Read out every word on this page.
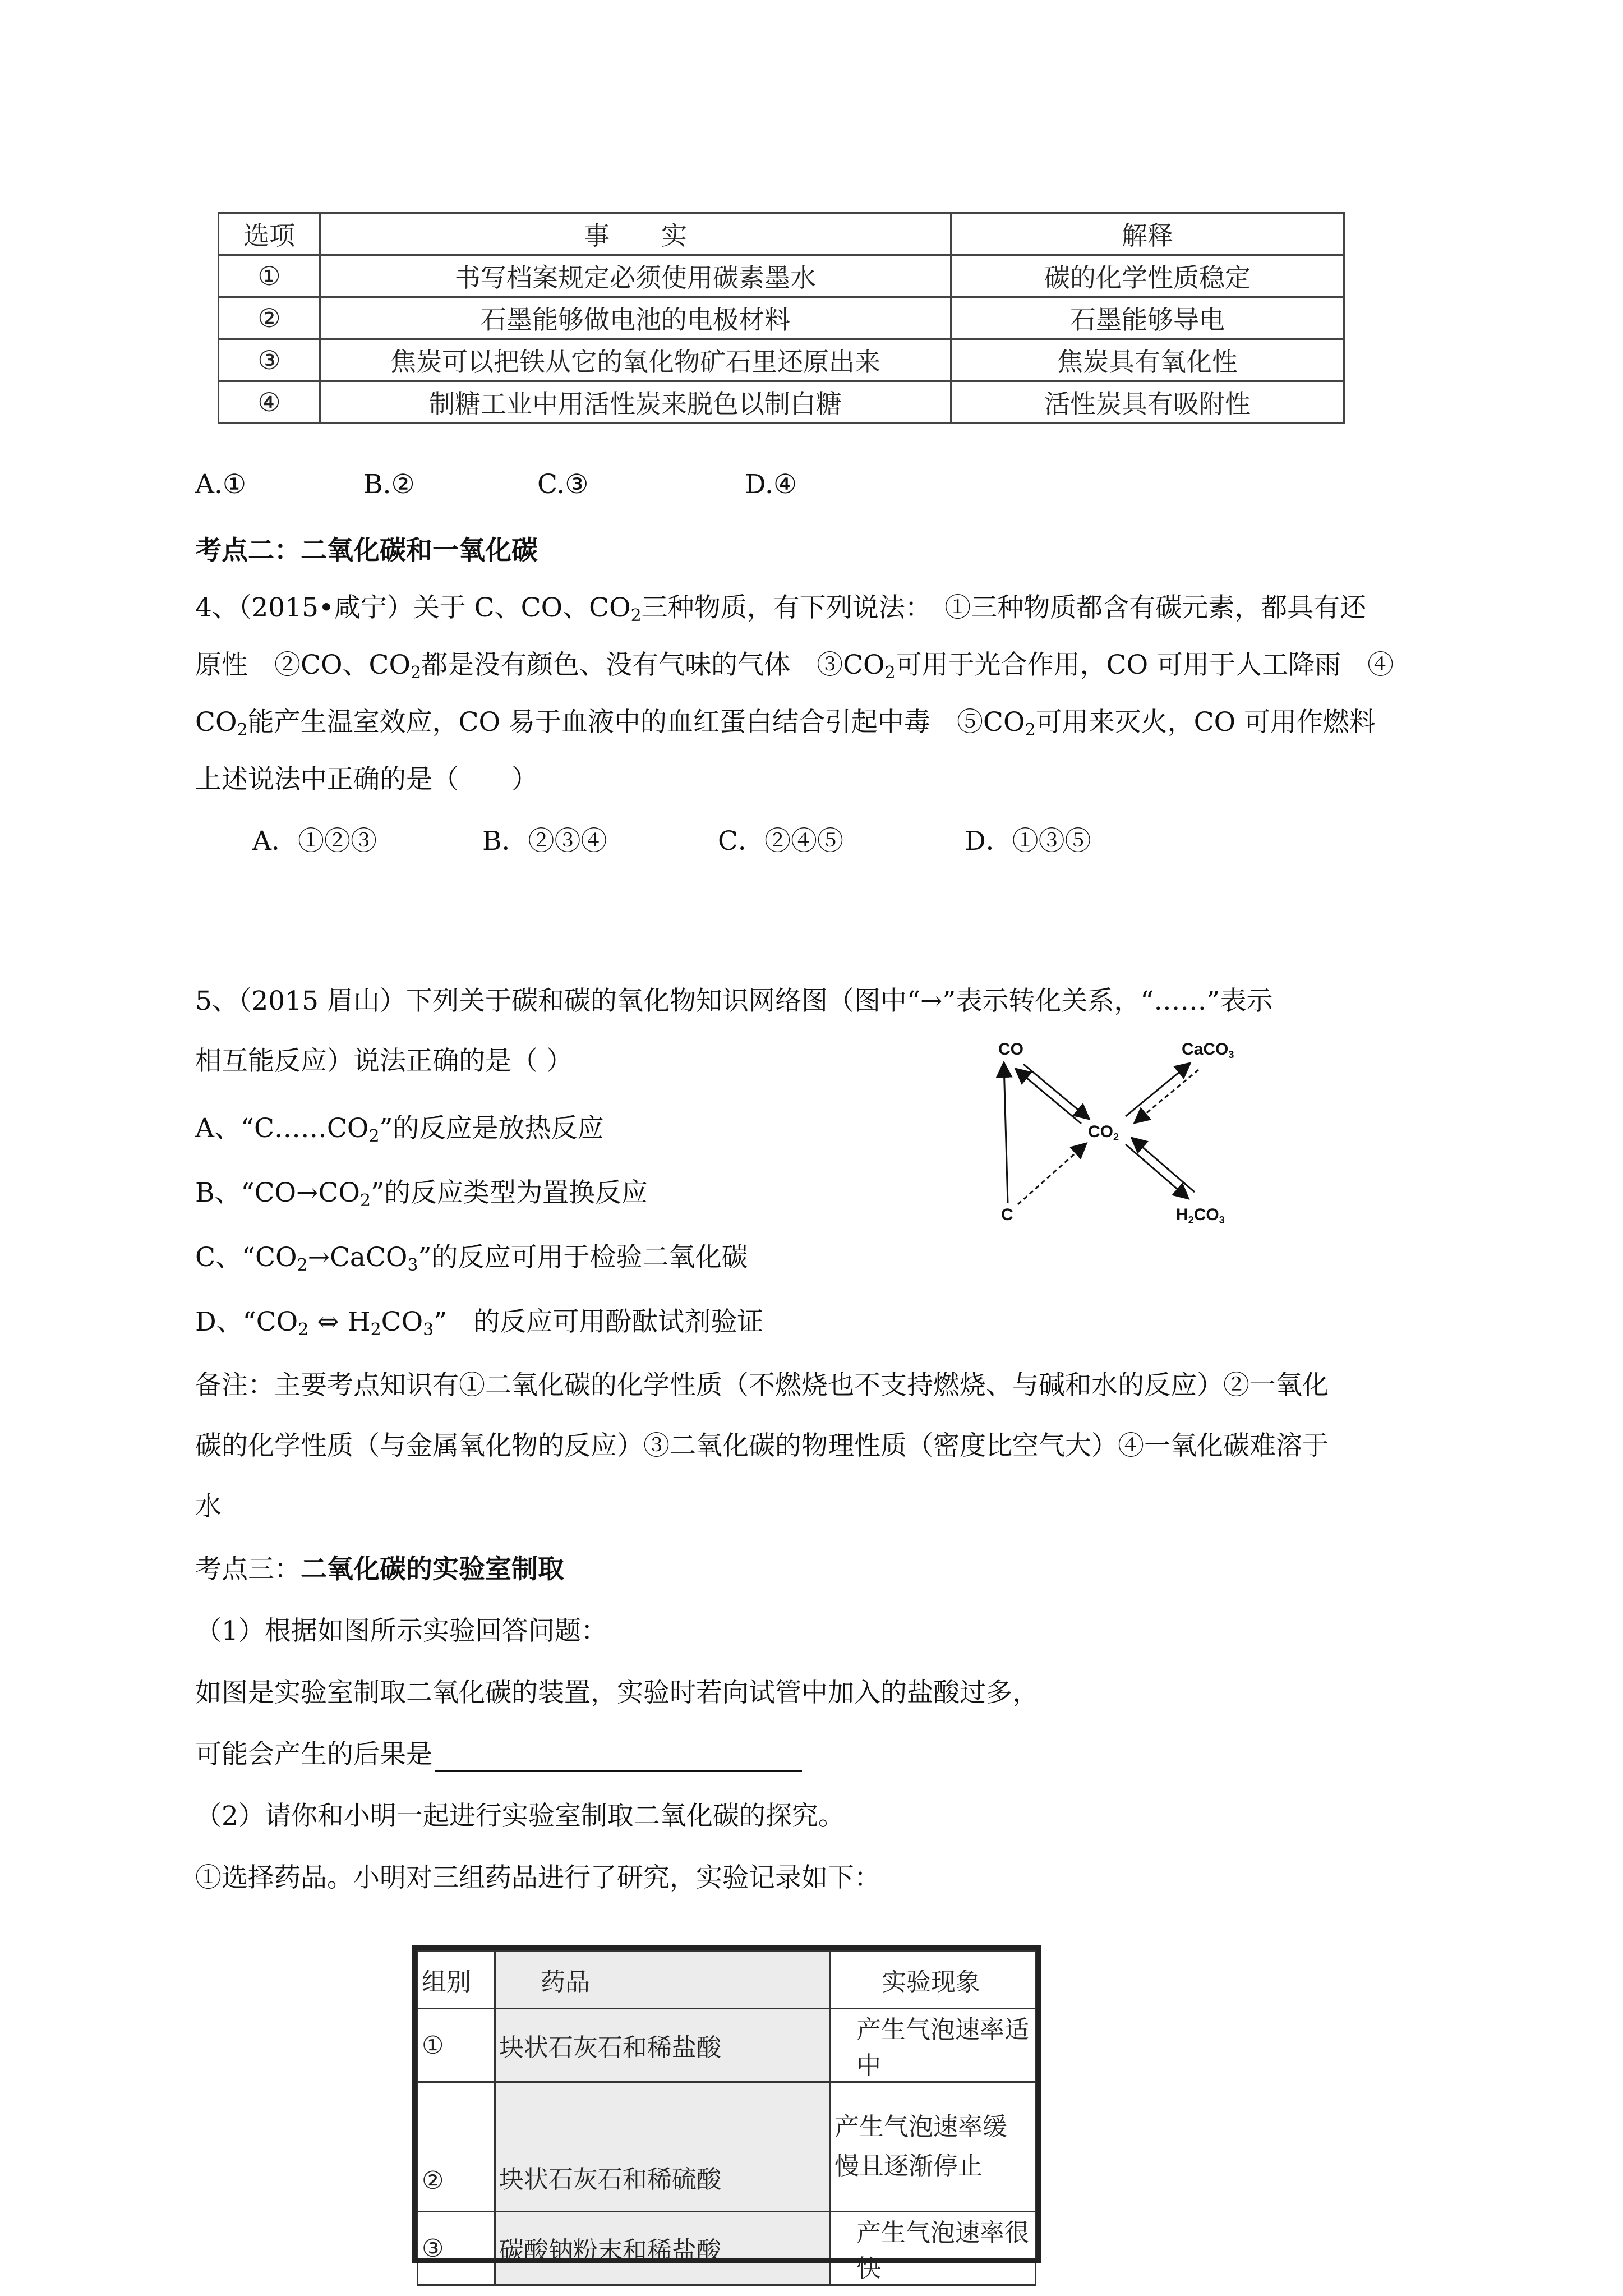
选项	事　　实	解释
①	书写档案规定必须使用碳素墨水	碳的化学性质稳定
②	石墨能够做电池的电极材料	石墨能够导电
③	焦炭可以把铁从它的氧化物矿石里还原出来	焦炭具有氧化性
④	制糖工业中用活性炭来脱色以制白糖	活性炭具有吸附性
A.①	B.②	C.③	D.④
考点二：二氧化碳和一氧化碳
4、（2015•咸宁）关于 C、CO、$CO_2$三种物质，有下列说法：　①三种物质都含有碳元素，都具有还
原性　②CO、$CO_2$都是没有颜色、没有气味的气体　$③CO_2$可用于光合作用，CO 可用于人工降雨　④
$CO_2$能产生温室效应，CO 易于血液中的血红蛋白结合引起中毒　$⑤CO_2$可用来灭火，CO 可用作燃料
上述说法中正确的是（　　）
A．①②③	B．②③④	C．②④⑤	D．①③⑤
5、（2015 眉山）下列关于碳和碳的氧化物知识网络图（图中“→”表示转化关系，“……”表示
相互能反应）说法正确的是（ ）
A、“$C\dots\dots CO_2$”的反应是放热反应
B、“$CO\to CO_2$”的反应类型为置换反应
C、“$CO_2\to CaCO_3$”的反应可用于检验二氧化碳
D、“$CO_2$ ⇔ $H_2CO_3$”　的反应可用酚酞试剂验证
CO	CaCO$_3$
$CO_2$
C	$H_2CO_3$
备注：主要考点知识有①二氧化碳的化学性质（不燃烧也不支持燃烧、与碱和水的反应）②一氧化
碳的化学性质（与金属氧化物的反应）③二氧化碳的物理性质（密度比空气大）④一氧化碳难溶于
水
考点三：二氧化碳的实验室制取
（1）根据如图所示实验回答问题：
如图是实验室制取二氧化碳的装置，实验时若向试管中加入的盐酸过多，
可能会产生的后果是
（2）请你和小明一起进行实验室制取二氧化碳的探究。
①选择药品。小明对三组药品进行了研究，实验记录如下：
组别	药品	实验现象
①	块状石灰石和稀盐酸	产生气泡速率适中
②	块状石灰石和稀硫酸	产生气泡速率缓慢且逐渐停止
③	碳酸钠粉末和稀盐酸	产生气泡速率很快
